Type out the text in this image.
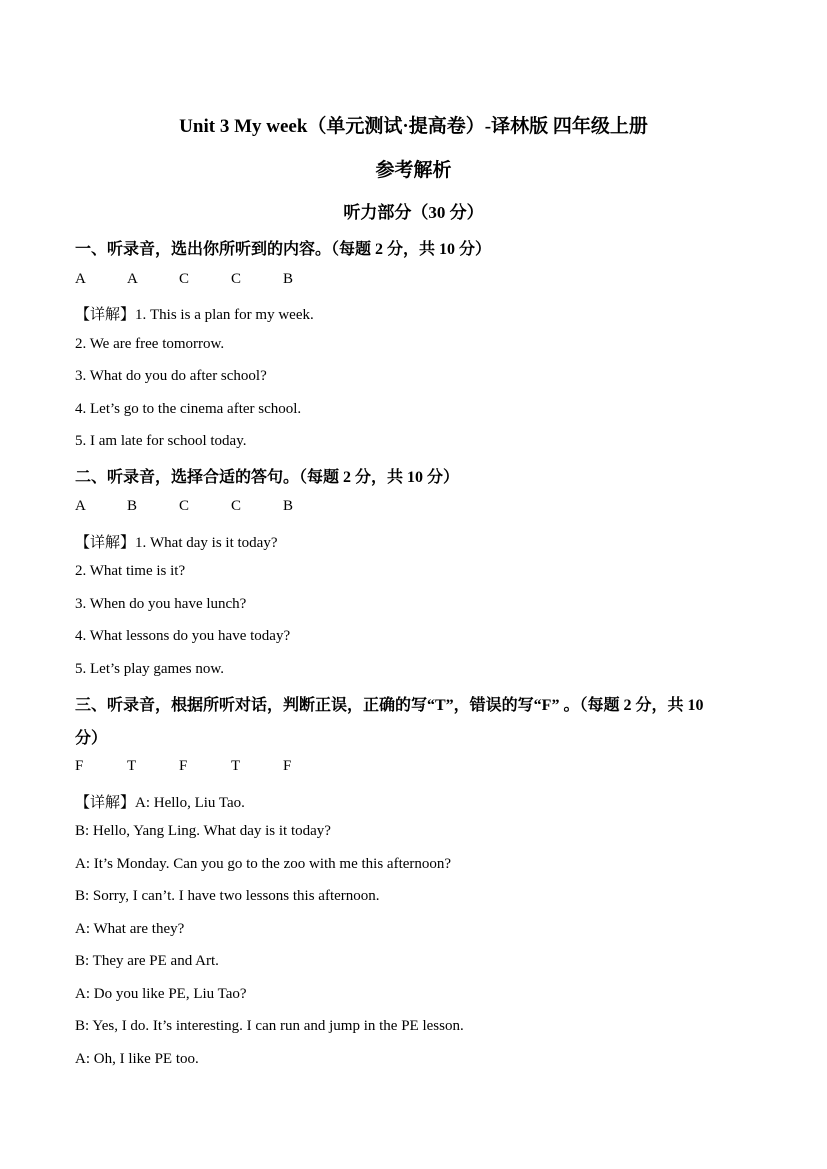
Unit 3 My week（单元测试·提高卷）-译林版 四年级上册
参考解析
听力部分（30 分）
一、听录音，选出你所听到的内容。（每题 2 分，共 10 分）
A	A	C	C	B
【详解】1. This is a plan for my week.
2. We are free tomorrow.
3. What do you do after school?
4. Let’s go to the cinema after school.
5. I am late for school today.
二、听录音，选择合适的答句。（每题 2 分，共 10 分）
A	B	C	C	B
【详解】1. What day is it today?
2. What time is it?
3. When do you have lunch?
4. What lessons do you have today?
5. Let’s play games now.
三、听录音，根据所听对话，判断正误，正确的写“T”，错误的写“F” 。（每题 2 分，共 10
分）
F	T	F	T	F
【详解】A: Hello, Liu Tao.
B: Hello, Yang Ling. What day is it today?
A: It’s Monday. Can you go to the zoo with me this afternoon?
B: Sorry, I can’t. I have two lessons this afternoon.
A: What are they?
B: They are PE and Art.
A: Do you like PE, Liu Tao?
B: Yes, I do. It’s interesting. I can run and jump in the PE lesson.
A: Oh, I like PE too.
